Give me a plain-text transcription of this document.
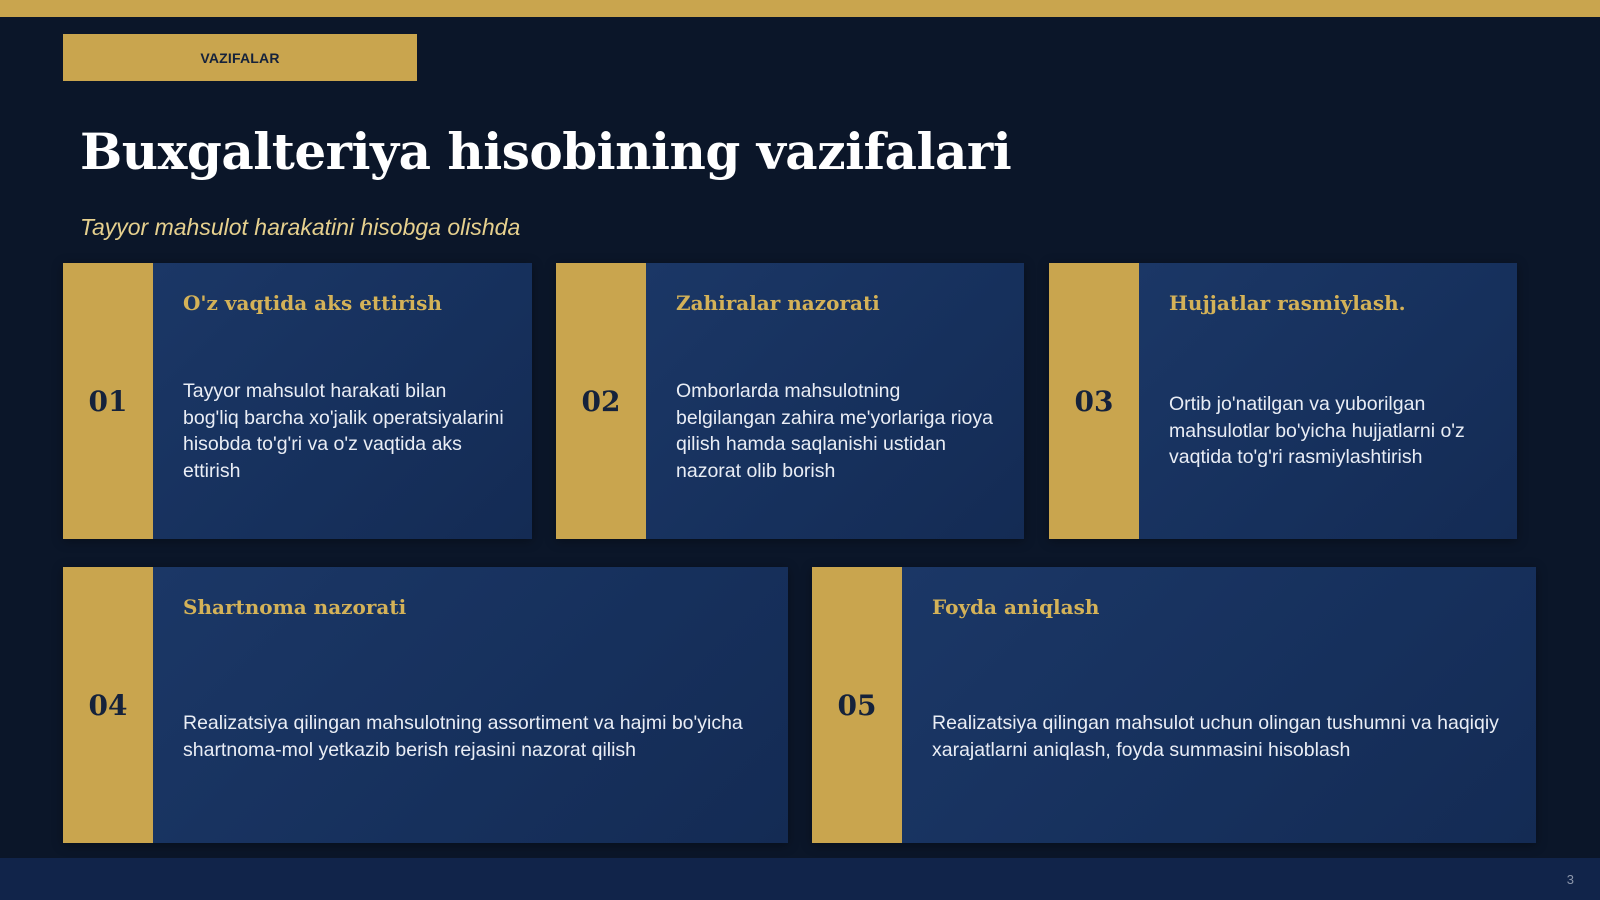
VAZIFALAR
Buxgalteriya hisobining vazifalari
Tayyor mahsulot harakatini hisobga olishda
01
O'z vaqtida aks ettirish
Tayyor mahsulot harakati bilan bog'liq barcha xo'jalik operatsiyalarini hisobda to'g'ri va o'z vaqtida aks ettirish
02
Zahiralar nazorati
Omborlarda mahsulotning belgilangan zahira me'yorlariga rioya qilish hamda saqlanishi ustidan nazorat olib borish
03
Hujjatlar rasmiylash.
Ortib jo'natilgan va yuborilgan mahsulotlar bo'yicha hujjatlarni o'z vaqtida to'g'ri rasmiylashtirish
04
Shartnoma nazorati
Realizatsiya qilingan mahsulotning assortiment va hajmi bo'yicha shartnoma-mol yetkazib berish rejasini nazorat qilish
05
Foyda aniqlash
Realizatsiya qilingan mahsulot uchun olingan tushumni va haqiqiy xarajatlarni aniqlash, foyda summasini hisoblash
3
